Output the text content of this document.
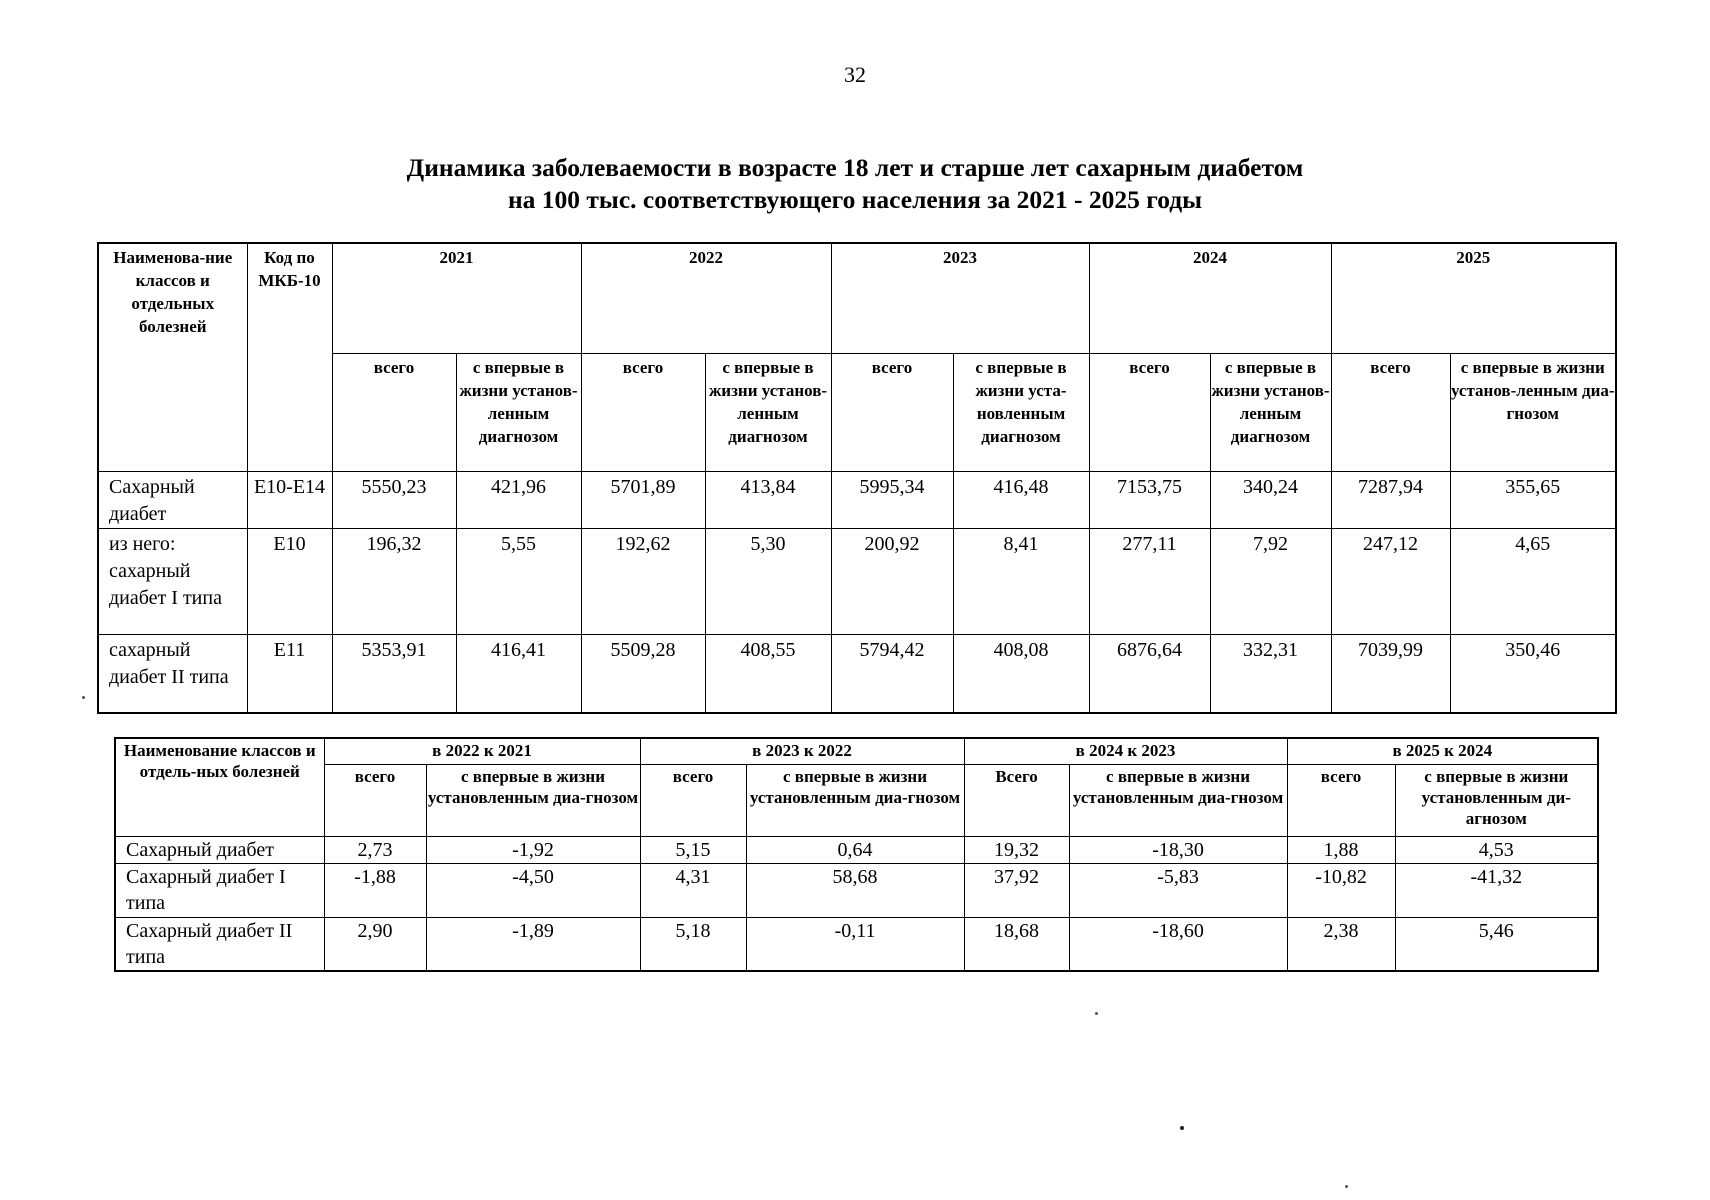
32
Динамика заболеваемости в возрасте 18 лет и старше лет сахарным диабетом
на 100 тыс. соответствующего населения за 2021 - 2025 годы
Наименова-ние классов и отдельных болезней	Код по МКБ-10	2021		2022		2023		2024		2025	
		всего	с впервые в жизни установ-ленным диагнозом	всего	с впервые в жизни установ-ленным диагнозом	всего	с впервые в жизни уста-новленным диагнозом	всего	с впервые в жизни установ-ленным диагнозом	всего	с впервые в жизни установ-ленным диа-гнозом
Сахарный диабет	Е10-Е14	5550,23	421,96	5701,89	413,84	5995,34	416,48	7153,75	340,24	7287,94	355,65
из него: сахарный диабет I типа	Е10	196,32	5,55	192,62	5,30	200,92	8,41	277,11	7,92	247,12	4,65
сахарный диабет II типа	Е11	5353,91	416,41	5509,28	408,55	5794,42	408,08	6876,64	332,31	7039,99	350,46
Наименование классов и отдель-ных болезней	в 2022 к 2021		в 2023 к 2022		в 2024 к 2023		в 2025 к 2024	
	всего	с впервые в жизни установленным диа-гнозом	всего	с впервые в жизни установленным диа-гнозом	Всего	с впервые в жизни установленным диа-гнозом	всего	с впервые в жизни установленным ди-агнозом
Сахарный диабет	2,73	-1,92	5,15	0,64	19,32	-18,30	1,88	4,53
Сахарный диабет I типа	-1,88	-4,50	4,31	58,68	37,92	-5,83	-10,82	-41,32
Сахарный диабет II типа	2,90	-1,89	5,18	-0,11	18,68	-18,60	2,38	5,46
